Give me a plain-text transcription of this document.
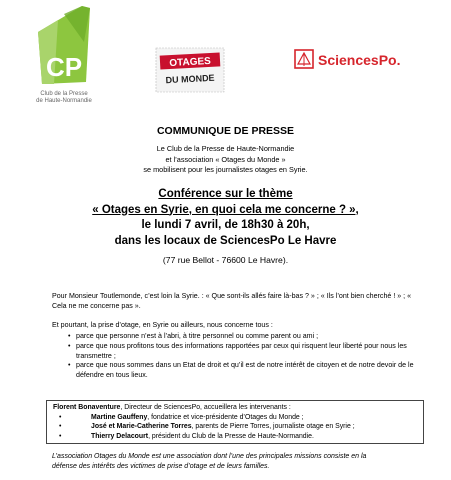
CP
Club de la Presse
de Haute-Normandie
OTAGES
DU MONDE
SciencesPo.
COMMUNIQUE DE PRESSE
Le Club de la Presse de Haute-Normandie
et l’association « Otages du Monde »
se mobilisent pour les journalistes otages en Syrie.
Conférence sur le thème
« Otages en Syrie, en quoi cela me concerne ? »,
le lundi 7 avril, de 18h30 à 20h,
dans les locaux de SciencesPo Le Havre
(77 rue Bellot - 76600 Le Havre).
Pour Monsieur Toutlemonde, c’est loin la Syrie. : « Que sont-ils allés faire là-bas ? » ; « Ils l’ont bien cherché ! » ; « Cela ne me concerne pas ».
Et pourtant, la prise d’otage, en Syrie ou ailleurs, nous concerne tous :
• parce que personne n’est à l’abri, à titre personnel ou comme parent ou ami ;
• parce que nous profitons tous des informations rapportées par ceux qui risquent leur liberté pour nous les transmettre ;
• parce que nous sommes dans un Etat de droit et qu’il est de notre intérêt de citoyen et de notre devoir de le défendre en tous lieux.
Florent Bonaventure, Directeur de SciencesPo, accueillera les intervenants :
•	Martine Gauffeny, fondatrice et vice-présidente d’Otages du Monde ;
•	José et Marie-Catherine Torres, parents de Pierre Torres, journaliste otage en Syrie ;
•	Thierry Delacourt, président du Club de la Presse de Haute-Normandie.
L’association Otages du Monde est une association dont l’une des principales missions consiste en la
défense des intérêts des victimes de prise d’otage et de leurs familles.
